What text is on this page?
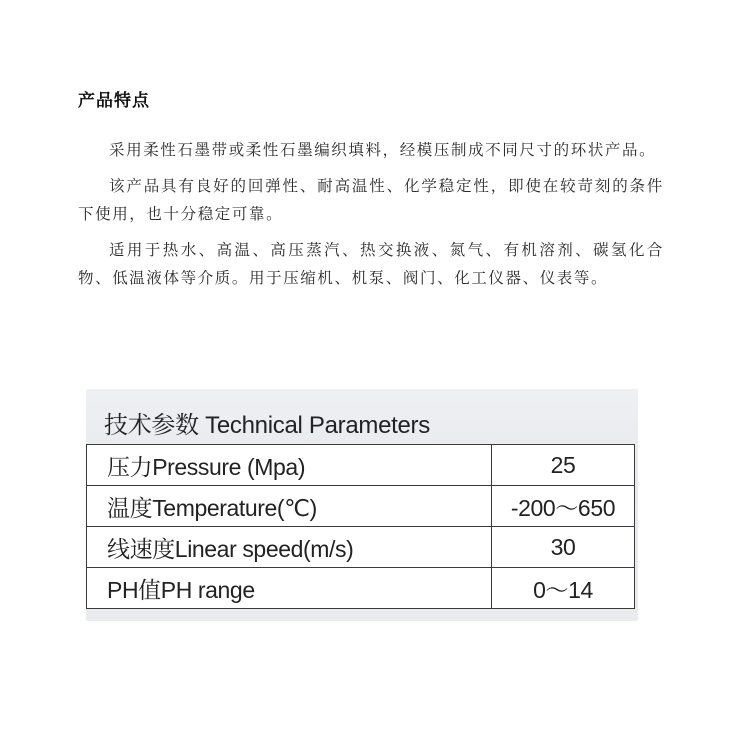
产品特点

采用柔性石墨带或柔性石墨编织填料，经模压制成不同尺寸的环状产品。

该产品具有良好的回弹性、耐高温性、化学稳定性，即使在较苛刻的条件下使用，也十分稳定可靠。

适用于热水、高温、高压蒸汽、热交换液、氮气、有机溶剂、碳氢化合物、低温液体等介质。用于压缩机、机泵、阀门、化工仪器、仪表等。

技术参数 Technical Parameters
压力Pressure (Mpa)	25
温度Temperature(℃)	-200～650
线速度Linear speed(m/s)	30
PH值PH range	0～14
